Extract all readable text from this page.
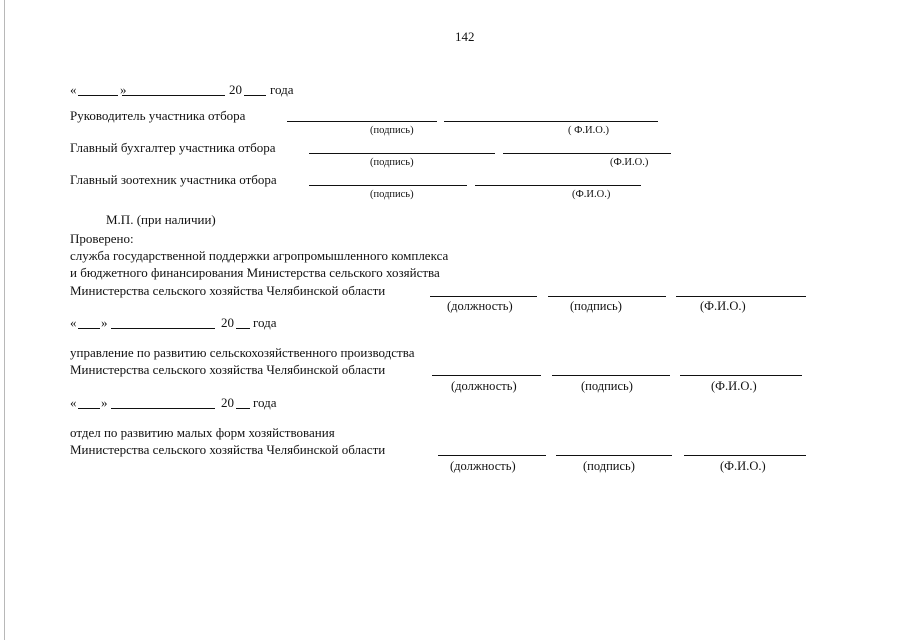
142
«	»	20 года
Руководитель участника отбора
(подпись)	( Ф.И.О.)
Главный бухгалтер участника отбора
(подпись)	(Ф.И.О.)
Главный зоотехник участника отбора
(подпись)	(Ф.И.О.)
М.П. (при наличии)
Проверено:
служба государственной поддержки агропромышленного комплекса
и бюджетного финансирования Министерства сельского хозяйства
Министерства сельского хозяйства Челябинской области
(должность)	(подпись)	(Ф.И.О.)
« »	20 года
управление по развитию сельскохозяйственного производства
Министерства сельского хозяйства Челябинской области
(должность)	(подпись)	(Ф.И.О.)
« »	20 года
отдел по развитию малых форм хозяйствования
Министерства сельского хозяйства Челябинской области
(должность)	(подпись)	(Ф.И.О.)
